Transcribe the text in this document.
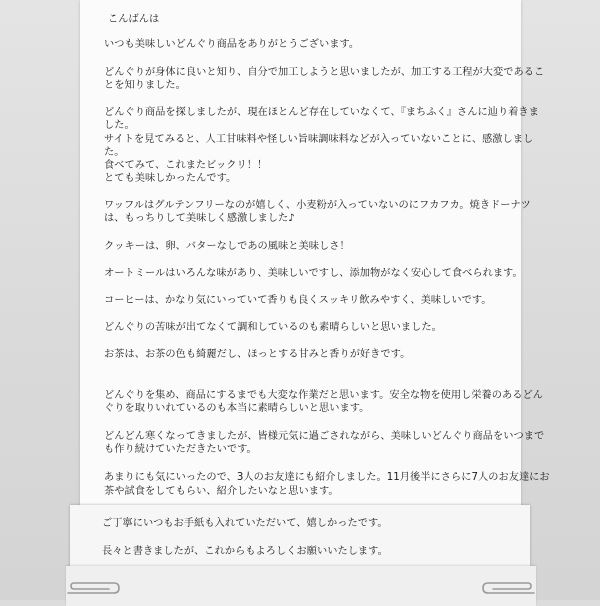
こんばんは
いつも美味しいどんぐり商品をありがとうございます。
どんぐりが身体に良いと知り、自分で加工しようと思いましたが、加工する工程が大変であるこ
とを知りました。
どんぐり商品を探しましたが、現在ほとんど存在していなくて、『まちふく』さんに辿り着きま
した。
サイトを見てみると、人工甘味料や怪しい旨味調味料などが入っていないことに、感激しまし
た。
食べてみて、これまたビックリ！！
とても美味しかったんです。
ワッフルはグルテンフリーなのが嬉しく、小麦粉が入っていないのにフカフカ。焼きドーナツ
は、もっちりして美味しく感激しました♪
クッキーは、卵、バターなしであの風味と美味しさ！
オートミールはいろんな味があり、美味しいですし、添加物がなく安心して食べられます。
コーヒーは、かなり気にいっていて香りも良くスッキリ飲みやすく、美味しいです。
どんぐりの苦味が出てなくて調和しているのも素晴らしいと思いました。
お茶は、お茶の色も綺麗だし、ほっとする甘みと香りが好きです。
どんぐりを集め、商品にするまでも大変な作業だと思います。安全な物を使用し栄養のあるどん
ぐりを取りいれているのも本当に素晴らしいと思います。
どんどん寒くなってきましたが、皆様元気に過ごされながら、美味しいどんぐり商品をいつまで
も作り続けていただきたいです。
あまりにも気にいったので、3人のお友達にも紹介しました。11月後半にさらに7人のお友達にお
茶や試食をしてもらい、紹介したいなと思います。
ご丁寧にいつもお手紙も入れていただいて、嬉しかったです。
長々と書きましたが、これからもよろしくお願いいたします。
